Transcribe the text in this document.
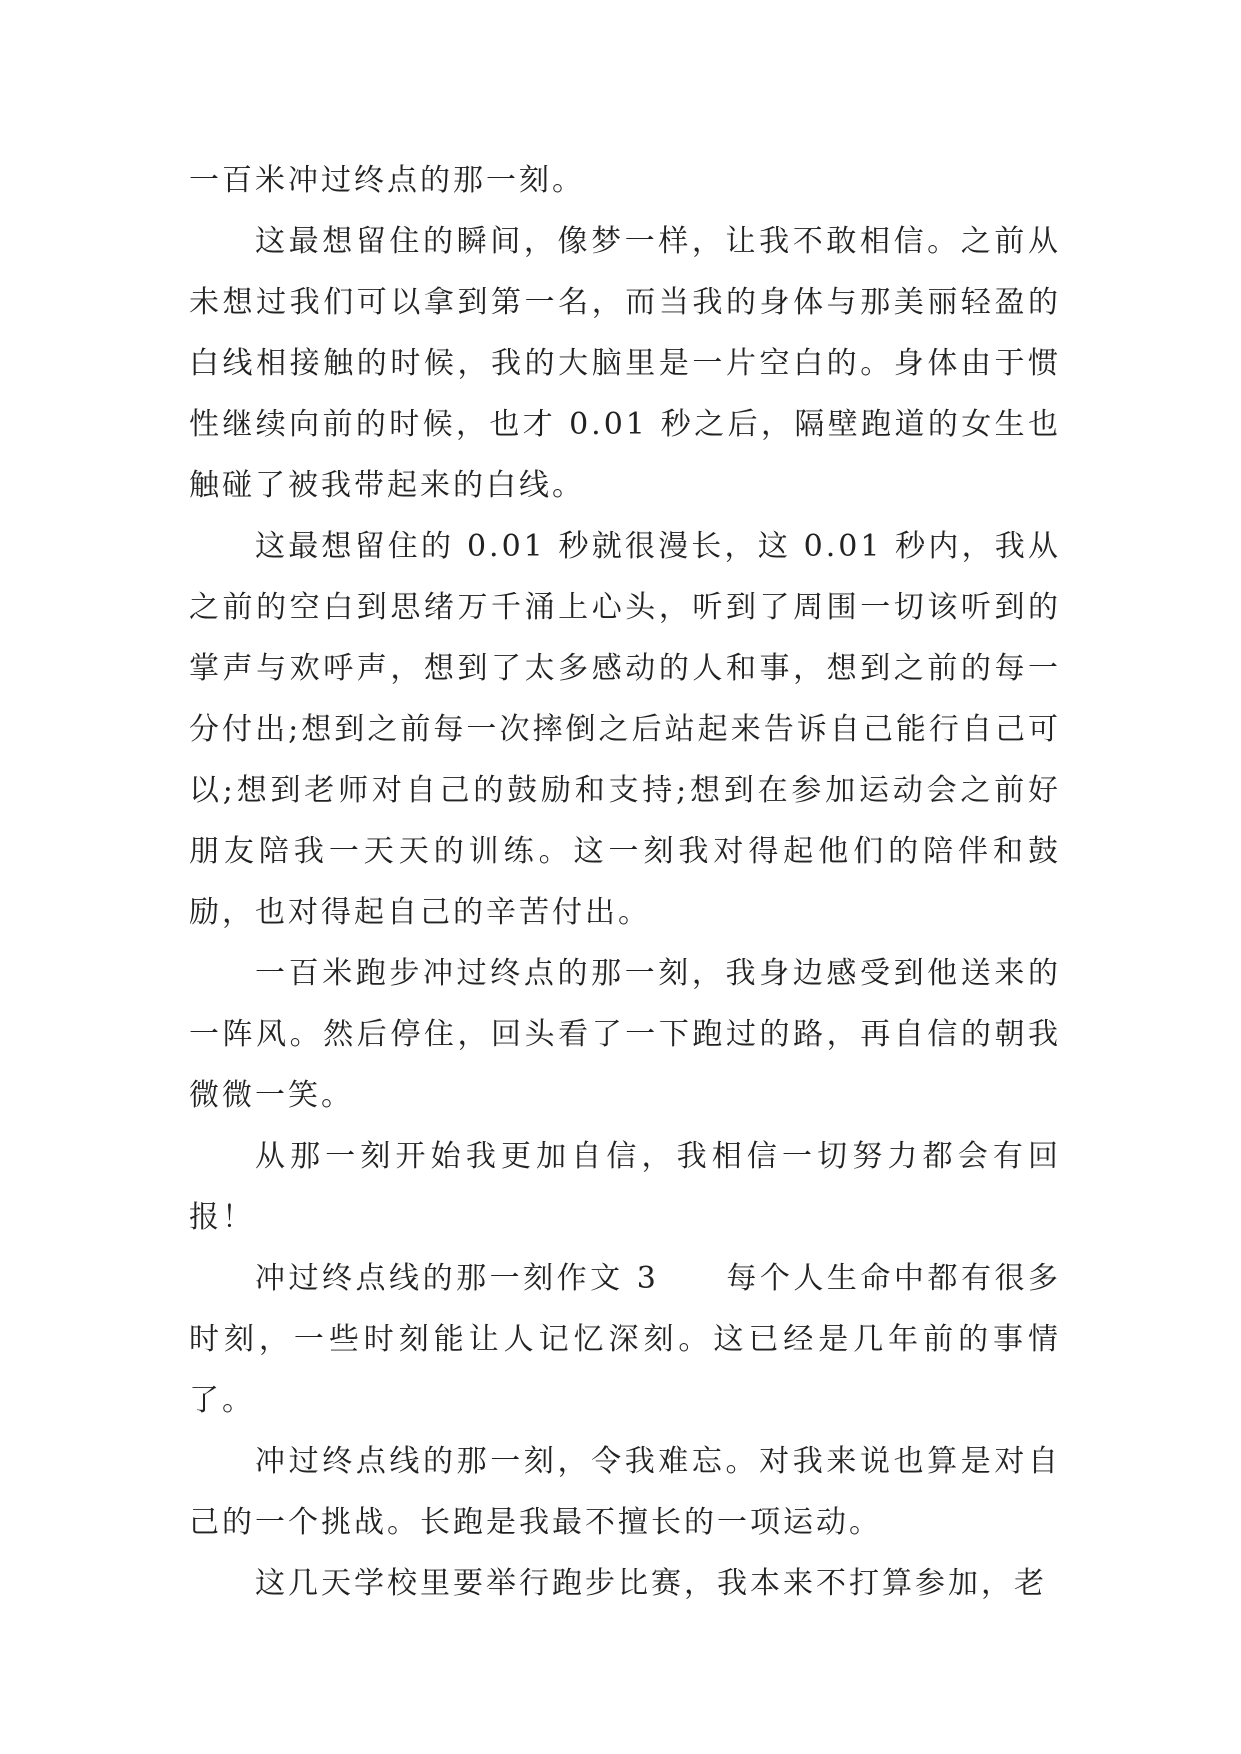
一百米冲过终点的那一刻。

这最想留住的瞬间，像梦一样，让我不敢相信。之前从未想过我们可以拿到第一名，而当我的身体与那美丽轻盈的白线相接触的时候，我的大脑里是一片空白的。身体由于惯性继续向前的时候，也才 0.01 秒之后，隔壁跑道的女生也触碰了被我带起来的白线。

这最想留住的 0.01 秒就很漫长，这 0.01 秒内，我从之前的空白到思绪万千涌上心头，听到了周围一切该听到的掌声与欢呼声，想到了太多感动的人和事，想到之前的每一分付出;想到之前每一次摔倒之后站起来告诉自己能行自己可以;想到老师对自己的鼓励和支持;想到在参加运动会之前好朋友陪我一天天的训练。这一刻我对得起他们的陪伴和鼓励，也对得起自己的辛苦付出。

一百米跑步冲过终点的那一刻，我身边感受到他送来的一阵风。然后停住，回头看了一下跑过的路，再自信的朝我微微一笑。

从那一刻开始我更加自信，我相信一切努力都会有回报！

冲过终点线的那一刻作文 3　　每个人生命中都有很多时刻，一些时刻能让人记忆深刻。这已经是几年前的事情了。

冲过终点线的那一刻，令我难忘。对我来说也算是对自己的一个挑战。长跑是我最不擅长的一项运动。

这几天学校里要举行跑步比赛，我本来不打算参加，老
